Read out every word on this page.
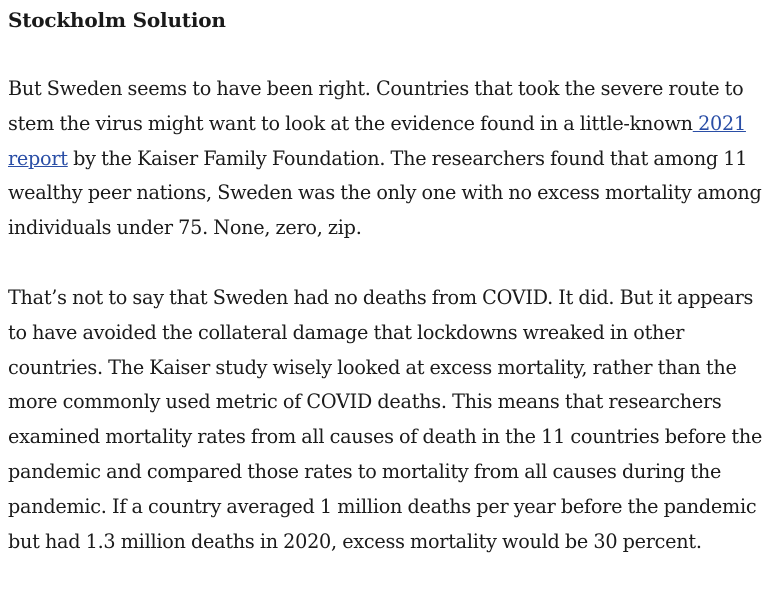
Stockholm Solution

But Sweden seems to have been right. Countries that took the severe route to stem the virus might want to look at the evidence found in a little-known 2021 report by the Kaiser Family Foundation. The researchers found that among 11 wealthy peer nations, Sweden was the only one with no excess mortality among individuals under 75. None, zero, zip.

That’s not to say that Sweden had no deaths from COVID. It did. But it appears to have avoided the collateral damage that lockdowns wreaked in other countries. The Kaiser study wisely looked at excess mortality, rather than the more commonly used metric of COVID deaths. This means that researchers examined mortality rates from all causes of death in the 11 countries before the pandemic and compared those rates to mortality from all causes during the pandemic. If a country averaged 1 million deaths per year before the pandemic but had 1.3 million deaths in 2020, excess mortality would be 30 percent.
